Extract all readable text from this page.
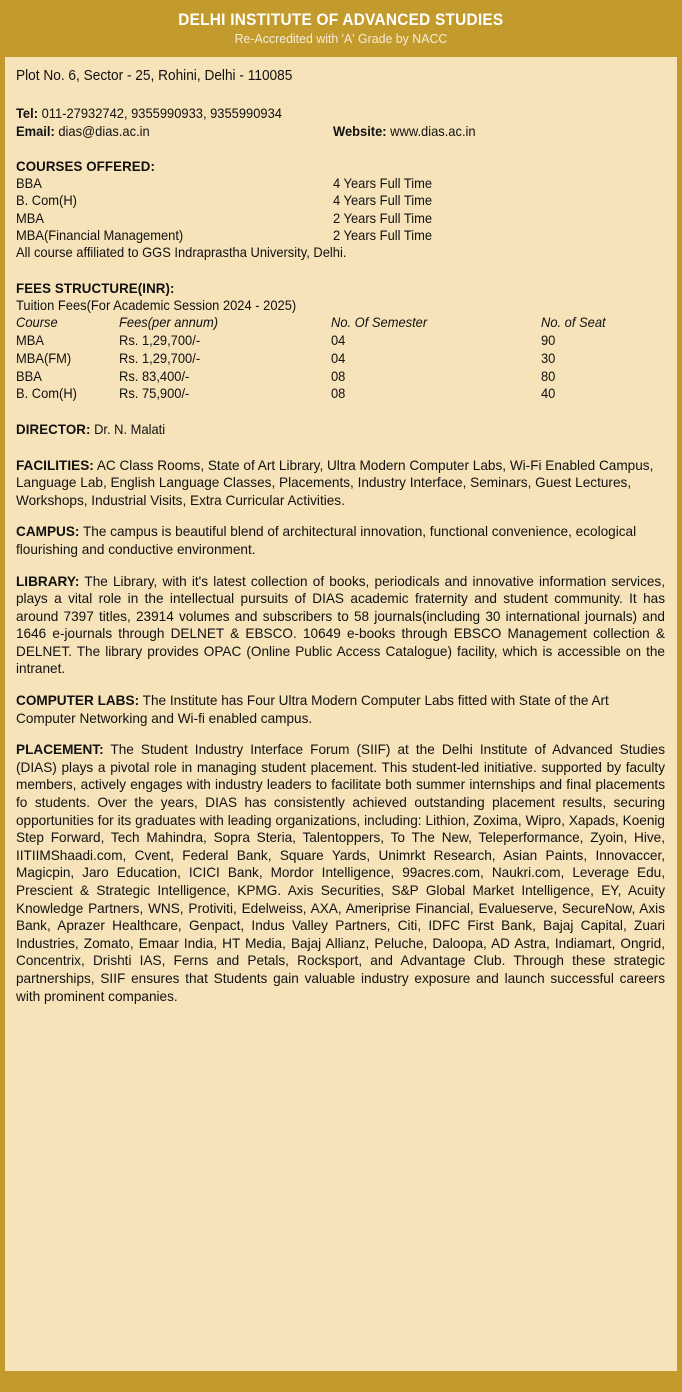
DELHI INSTITUTE OF ADVANCED STUDIES
Re-Accredited with 'A' Grade by NACC
Plot No. 6, Sector - 25, Rohini, Delhi - 110085
Tel: 011-27932742, 9355990933, 9355990934
Email: dias@dias.ac.in	Website: www.dias.ac.in
COURSES OFFERED:
BBA	4 Years Full Time
B. Com(H)	4 Years Full Time
MBA	2 Years Full Time
MBA(Financial Management)	2 Years Full Time
All course affiliated to GGS Indraprastha University, Delhi.
FEES STRUCTURE(INR):
Tuition Fees(For Academic Session 2024 - 2025)
Course	Fees(per annum)	No. Of Semester	No. of Seat
MBA	Rs. 1,29,700/-	04	90
MBA(FM)	Rs. 1,29,700/-	04	30
BBA	Rs. 83,400/-	08	80
B. Com(H)	Rs. 75,900/-	08	40
DIRECTOR: Dr. N. Malati
FACILITIES: AC Class Rooms, State of Art Library, Ultra Modern Computer Labs, Wi-Fi Enabled Campus, Language Lab, English Language Classes, Placements, Industry Interface, Seminars, Guest Lectures, Workshops, Industrial Visits, Extra Curricular Activities.
CAMPUS: The campus is beautiful blend of architectural innovation, functional convenience, ecological flourishing and conductive environment.
LIBRARY: The Library, with it's latest collection of books, periodicals and innovative information services, plays a vital role in the intellectual pursuits of DIAS academic fraternity and student community. It has around 7397 titles, 23914 volumes and subscribers to 58 journals(including 30 international journals) and 1646 e-journals through DELNET & EBSCO. 10649 e-books through EBSCO Management collection & DELNET. The library provides OPAC (Online Public Access Catalogue) facility, which is accessible on the intranet.
COMPUTER LABS: The Institute has Four Ultra Modern Computer Labs fitted with State of the Art Computer Networking and Wi-fi enabled campus.
PLACEMENT: The Student Industry Interface Forum (SIIF) at the Delhi Institute of Advanced Studies (DIAS) plays a pivotal role in managing student placement. This student-led initiative. supported by faculty members, actively engages with industry leaders to facilitate both summer internships and final placements fo students. Over the years, DIAS has consistently achieved outstanding placement results, securing opportunities for its graduates with leading organizations, including: Lithion, Zoxima, Wipro, Xapads, Koenig Step Forward, Tech Mahindra, Sopra Steria, Talentoppers, To The New, Teleperformance, Zyoin, Hive, IITIIMShaadi.com, Cvent, Federal Bank, Square Yards, Unimrkt Research, Asian Paints, Innovaccer, Magicpin, Jaro Education, ICICI Bank, Mordor Intelligence, 99acres.com, Naukri.com, Leverage Edu, Prescient & Strategic Intelligence, KPMG. Axis Securities, S&P Global Market Intelligence, EY, Acuity Knowledge Partners, WNS, Protiviti, Edelweiss, AXA, Ameriprise Financial, Evalueserve, SecureNow, Axis Bank, Aprazer Healthcare, Genpact, Indus Valley Partners, Citi, IDFC First Bank, Bajaj Capital, Zuari Industries, Zomato, Emaar India, HT Media, Bajaj Allianz, Peluche, Daloopa, AD Astra, Indiamart, Ongrid, Concentrix, Drishti IAS, Ferns and Petals, Rocksport, and Advantage Club. Through these strategic partnerships, SIIF ensures that Students gain valuable industry exposure and launch successful careers with prominent companies.
